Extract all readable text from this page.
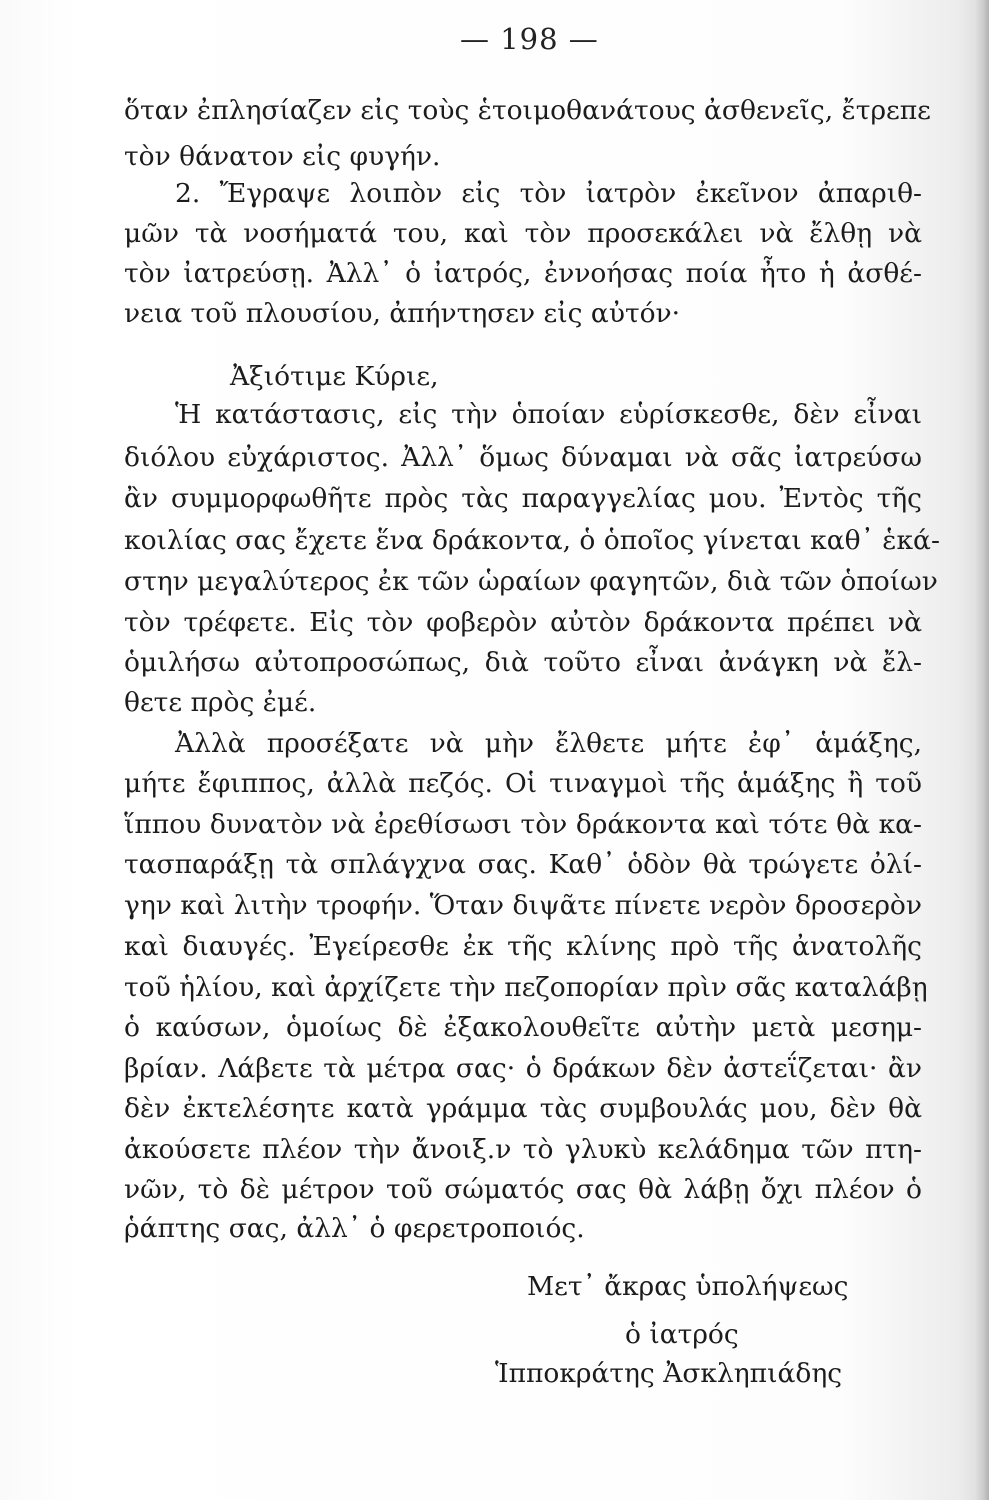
— 198 —
ὅταν ἐπλησίαζεν εἰς τοὺς ἑτοιμοθανάτους ἀσθενεῖς, ἔτρεπε
τὸν θάνατον εἰς φυγήν.
2. Ἔγραψε λοιπὸν εἰς τὸν ἰατρὸν ἐκεῖνον ἀπαριθ-
μῶν τὰ νοσήματά του, καὶ τὸν προσεκάλει νὰ ἔλθῃ νὰ
τὸν ἰατρεύσῃ. Ἀλλ᾽ ὁ ἰατρός, ἐννοήσας ποία ἦτο ἡ ἀσθέ-
νεια τοῦ πλουσίου, ἀπήντησεν εἰς αὐτόν·
Ἀξιότιμε Κύριε,
Ἡ κατάστασις, εἰς τὴν ὁποίαν εὑρίσκεσθε, δὲν εἶναι
διόλου εὐχάριστος. Ἀλλ᾽ ὅμως δύναμαι νὰ σᾶς ἰατρεύσω
ἂν συμμορφωθῆτε πρὸς τὰς παραγγελίας μου. Ἐντὸς τῆς
κοιλίας σας ἔχετε ἕνα δράκοντα, ὁ ὁποῖος γίνεται καθ᾽ ἑκά-
στην μεγαλύτερος ἐκ τῶν ὡραίων φαγητῶν, διὰ τῶν ὁποίων
τὸν τρέφετε. Εἰς τὸν φοβερὸν αὐτὸν δράκοντα πρέπει νὰ
ὁμιλήσω αὐτοπροσώπως, διὰ τοῦτο εἶναι ἀνάγκη νὰ ἔλ-
θετε πρὸς ἐμέ.
Ἀλλὰ προσέξατε νὰ μὴν ἔλθετε μήτε ἐφ᾽ ἁμάξης,
μήτε ἔφιππος, ἀλλὰ πεζός. Οἱ τιναγμοὶ τῆς ἁμάξης ἢ τοῦ
ἵππου δυνατὸν νὰ ἐρεθίσωσι τὸν δράκοντα καὶ τότε θὰ κα-
τασπαράξῃ τὰ σπλάγχνα σας. Καθ᾽ ὁδὸν θὰ τρώγετε ὀλί-
γην καὶ λιτὴν τροφήν. Ὅταν διψᾶτε πίνετε νερὸν δροσερὸν
καὶ διαυγές. Ἐγείρεσθε ἐκ τῆς κλίνης πρὸ τῆς ἀνατολῆς
τοῦ ἡλίου, καὶ ἀρχίζετε τὴν πεζοπορίαν πρὶν σᾶς καταλάβῃ
ὁ καύσων, ὁμοίως δὲ ἐξακολουθεῖτε αὐτὴν μετὰ μεσημ-
βρίαν. Λάβετε τὰ μέτρα σας· ὁ δράκων δὲν ἀστεΐζεται· ἂν
δὲν ἐκτελέσητε κατὰ γράμμα τὰς συμβουλάς μου, δὲν θὰ
ἀκούσετε πλέον τὴν ἄνοιξ.ν τὸ γλυκὺ κελάδημα τῶν πτη-
νῶν, τὸ δὲ μέτρον τοῦ σώματός σας θὰ λάβῃ ὄχι πλέον ὁ
ῥάπτης σας, ἀλλ᾽ ὁ φερετροποιός.
Μετ᾽ ἄκρας ὑπολήψεως
ὁ ἰατρός
Ἱπποκράτης Ἀσκληπιάδης
